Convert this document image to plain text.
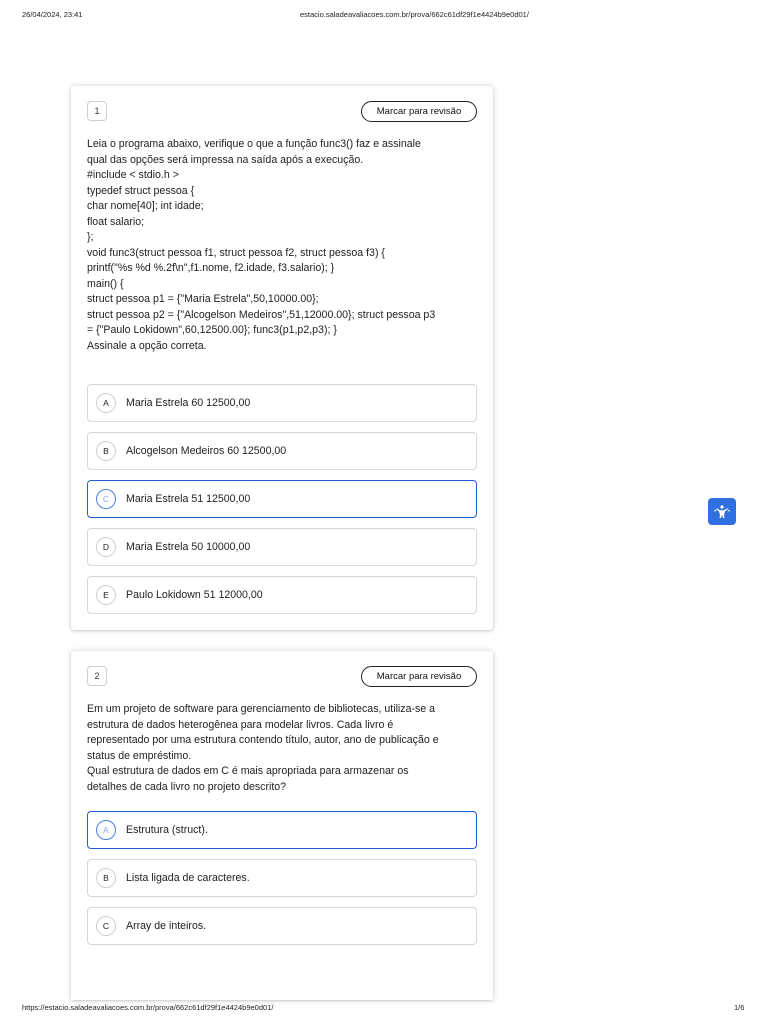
26/04/2024, 23:41	estacio.saladeavaliacoes.com.br/prova/662c61df29f1e4424b9e0d01/
1	Marcar para revisão
Leia o programa abaixo, verifique o que a função func3() faz e assinale
qual das opções será impressa na saída após a execução.
#include < stdio.h >
typedef struct pessoa {
char nome[40]; int idade;
float salario;
};
void func3(struct pessoa f1, struct pessoa f2, struct pessoa f3) {
printf("%s %d %.2f\n",f1.nome, f2.idade, f3.salario); }
main() {
struct pessoa p1 = {"Maria Estrela",50,10000.00};
struct pessoa p2 = {"Alcogelson Medeiros",51,12000.00}; struct pessoa p3
= {"Paulo Lokidown",60,12500.00}; func3(p1,p2,p3); }
Assinale a opção correta.
A	Maria Estrela 60 12500,00
B	Alcogelson Medeiros 60 12500,00
C	Maria Estrela 51 12500,00
D	Maria Estrela 50 10000,00
E	Paulo Lokidown 51 12000,00
2	Marcar para revisão
Em um projeto de software para gerenciamento de bibliotecas, utiliza-se a
estrutura de dados heterogênea para modelar livros. Cada livro é
representado por uma estrutura contendo título, autor, ano de publicação e
status de empréstimo.
Qual estrutura de dados em C é mais apropriada para armazenar os
detalhes de cada livro no projeto descrito?
A	Estrutura (struct).
B	Lista ligada de caracteres.
C	Array de inteiros.
https://estacio.saladeavaliacoes.com.br/prova/662c61df29f1e4424b9e0d01/	1/6
